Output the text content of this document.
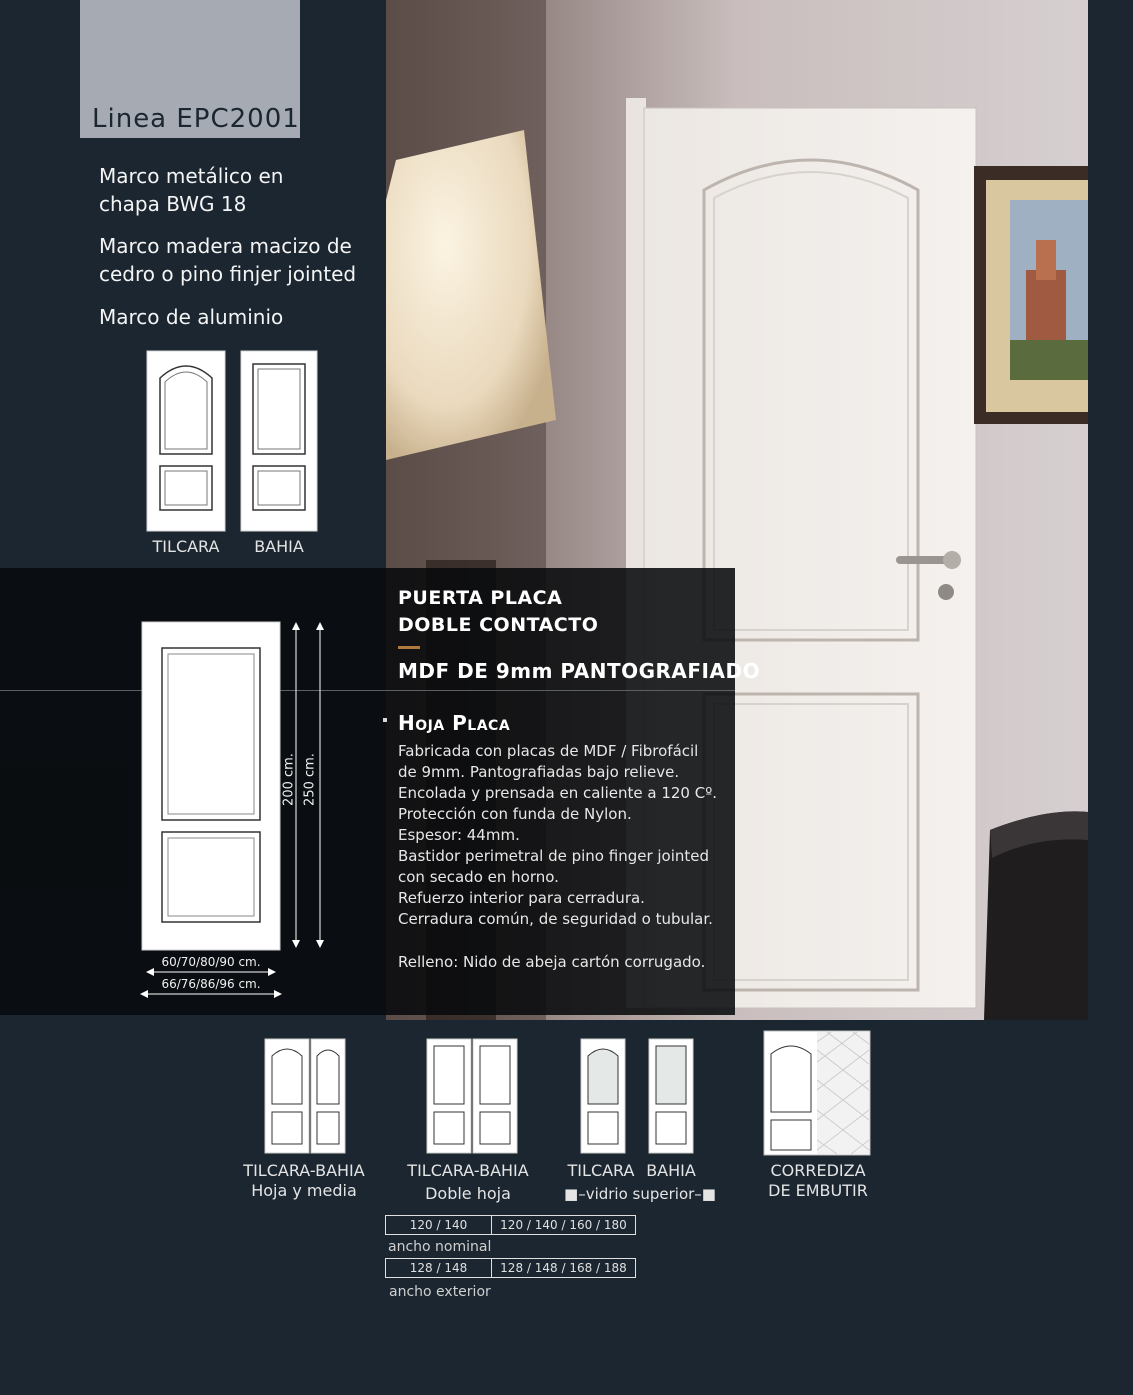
Linea EPC2001
Marco metálico en
chapa BWG 18
Marco madera macizo de
cedro o pino finjer jointed
Marco de aluminio
TILCARA	BAHIA
PUERTA PLACA
DOBLE CONTACTO
MDF DE 9mm PANTOGRAFIADO
Hoja Placa
Fabricada con placas de MDF / Fibrofácil
de 9mm. Pantografiadas bajo relieve.
Encolada y prensada en caliente a 120 Cº.
Protección con funda de Nylon.
Espesor: 44mm.
Bastidor perimetral de pino finger jointed
con secado en horno.
Refuerzo interior para cerradura.
Cerradura común, de seguridad o tubular.
Relleno: Nido de abeja cartón corrugado.
200 cm. 250 cm.
60/70/80/90 cm.
66/76/86/96 cm.
TILCARA-BAHIA
Hoja y media
TILCARA-BAHIA
Doble hoja
TILCARA BAHIA
■–vidrio superior–■
CORREDIZA
DE EMBUTIR
120 / 140	120 / 140 / 160 / 180
ancho nominal
128 / 148	128 / 148 / 168 / 188
ancho exterior
